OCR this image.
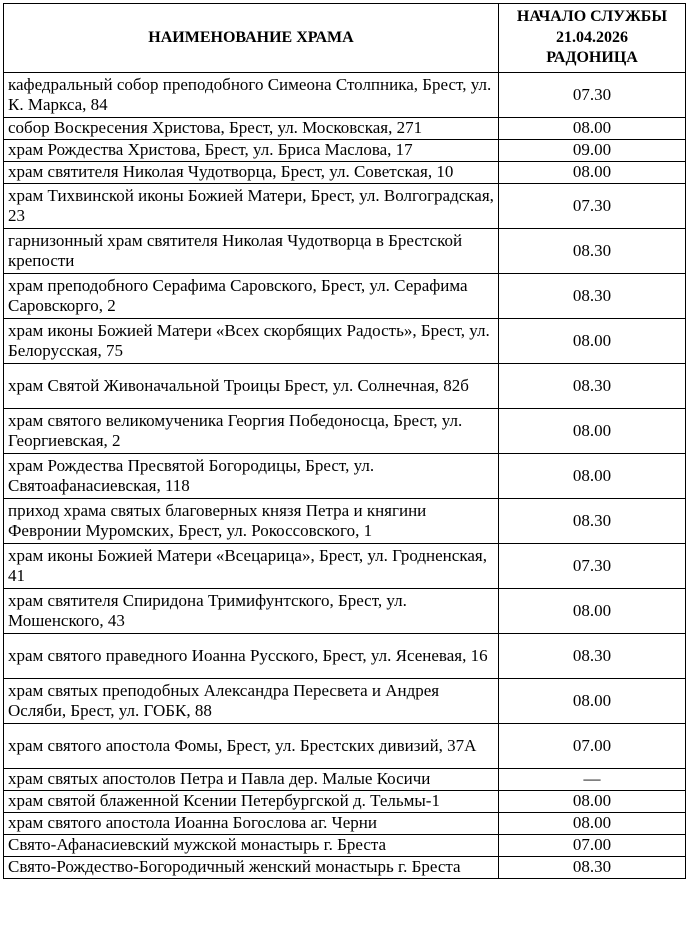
НАИМЕНОВАНИЕ ХРАМА	НАЧАЛО СЛУЖБЫ
21.04.2026
РАДОНИЦА

кафедральный собор преподобного Симеона Столпника, Брест, ул. К. Маркса, 84	07.30
собор Воскресения Христова, Брест, ул. Московская, 271	08.00
храм Рождества Христова, Брест, ул. Бриса Маслова, 17	09.00
храм святителя Николая Чудотворца, Брест, ул. Советская, 10	08.00
храм Тихвинской иконы Божией Матери, Брест, ул. Волгоградская, 23	07.30
гарнизонный храм святителя Николая Чудотворца в Брестской крепости	08.30
храм преподобного Серафима Саровского, Брест, ул. Серафима Саровскорго, 2	08.30
храм иконы Божией Матери «Всех скорбящих Радость», Брест, ул. Белорусская, 75	08.00
храм Святой Живоначальной Троицы Брест, ул. Солнечная, 82б	08.30
храм святого великомученика Георгия Победоносца, Брест, ул. Георгиевская, 2	08.00
храм Рождества Пресвятой Богородицы, Брест, ул. Святоафанасиевская, 118	08.00
приход храма святых благоверных князя Петра и княгини Февронии Муромских, Брест, ул. Рокоссовского, 1	08.30
храм иконы Божией Матери «Всецарица», Брест, ул. Гродненская, 41	07.30
храм святителя Спиридона Тримифунтского, Брест, ул. Мошенского, 43	08.00
храм святого праведного Иоанна Русского, Брест, ул. Ясеневая, 16	08.30
храм святых преподобных Александра Пересвета и Андрея Осляби, Брест, ул. ГОБК, 88	08.00
храм святого апостола Фомы, Брест, ул. Брестских дивизий, 37А	07.00
храм святых апостолов Петра и Павла дер. Малые Косичи	—
храм святой блаженной Ксении Петербургской д. Тельмы-1	08.00
храм святого апостола Иоанна Богослова аг. Черни	08.00
Свято-Афанасиевский мужской монастырь г. Бреста	07.00
Свято-Рождество-Богородичный женский монастырь г. Бреста	08.30
